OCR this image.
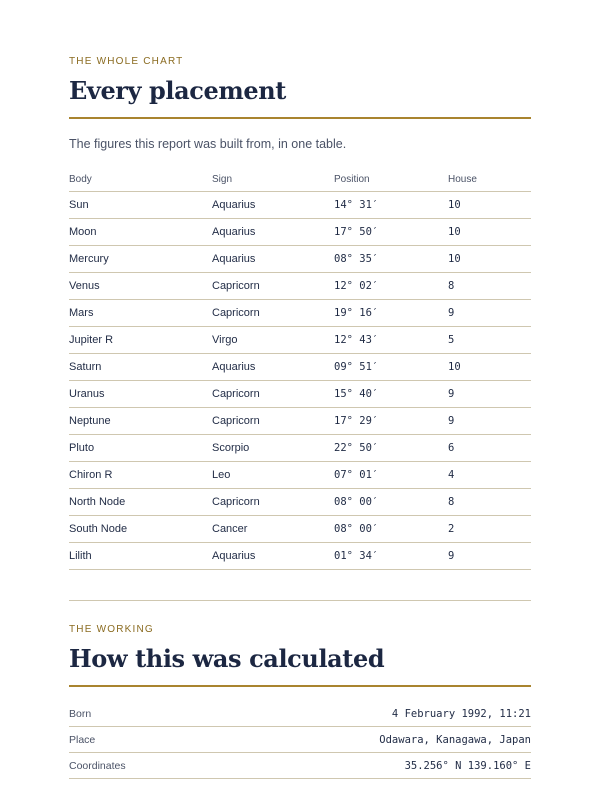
THE WHOLE CHART

Every placement

The figures this report was built from, in one table.

Body	Sign	Position	House
Sun	Aquarius	14° 31′	10
Moon	Aquarius	17° 50′	10
Mercury	Aquarius	08° 35′	10
Venus	Capricorn	12° 02′	8
Mars	Capricorn	19° 16′	9
Jupiter R	Virgo	12° 43′	5
Saturn	Aquarius	09° 51′	10
Uranus	Capricorn	15° 40′	9
Neptune	Capricorn	17° 29′	9
Pluto	Scorpio	22° 50′	6
Chiron R	Leo	07° 01′	4
North Node	Capricorn	08° 00′	8
South Node	Cancer	08° 00′	2
Lilith	Aquarius	01° 34′	9

THE WORKING

How this was calculated
Born	4 February 1992, 11:21
Place	Odawara, Kanagawa, Japan
Coordinates	35.256° N 139.160° E
